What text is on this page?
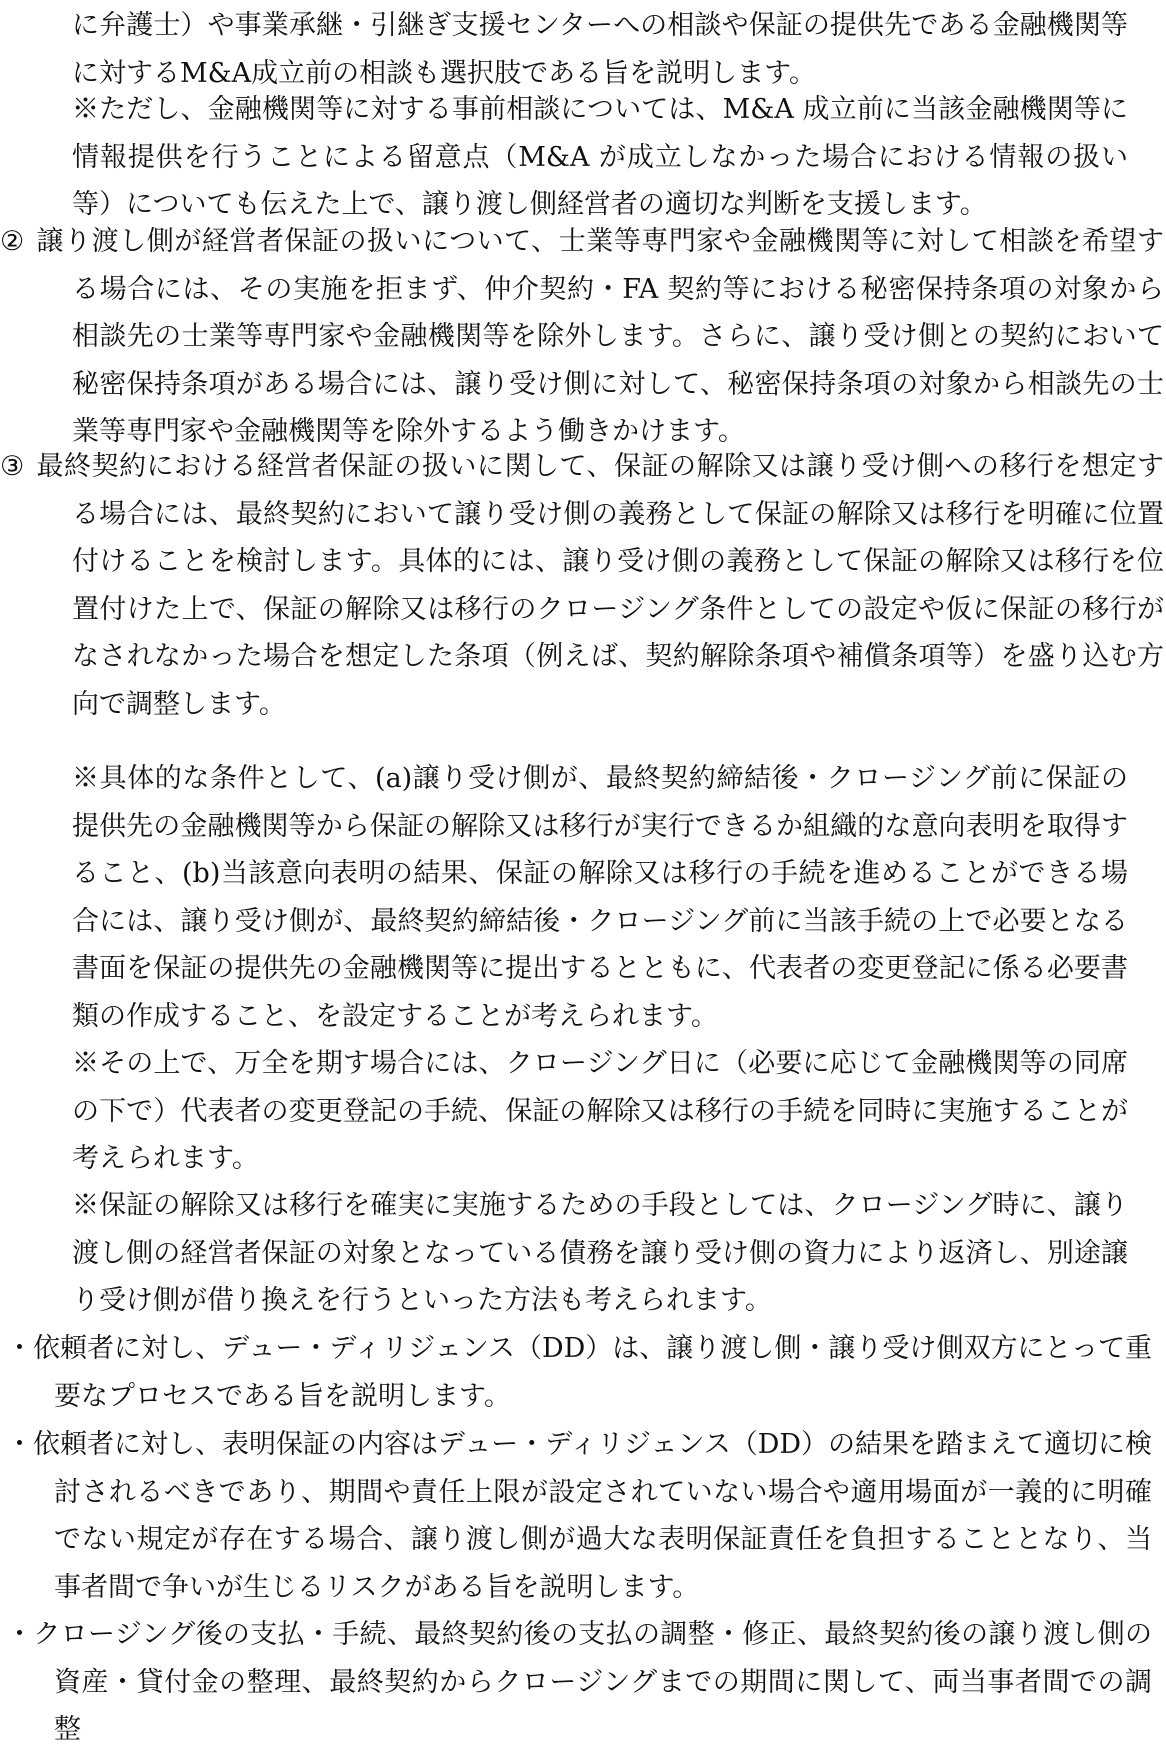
に弁護士）や事業承継・引継ぎ支援センターへの相談や保証の提供先である金融機関等に対するM&A成立前の相談も選択肢である旨を説明します。

※ただし、金融機関等に対する事前相談については、M&A 成立前に当該金融機関等に情報提供を行うことによる留意点（M&A が成立しなかった場合における情報の扱い等）についても伝えた上で、譲り渡し側経営者の適切な判断を支援します。

② 譲り渡し側が経営者保証の扱いについて、士業等専門家や金融機関等に対して相談を希望する場合には、その実施を拒まず、仲介契約・FA 契約等における秘密保持条項の対象から相談先の士業等専門家や金融機関等を除外します。さらに、譲り受け側との契約において秘密保持条項がある場合には、譲り受け側に対して、秘密保持条項の対象から相談先の士業等専門家や金融機関等を除外するよう働きかけます。

③ 最終契約における経営者保証の扱いに関して、保証の解除又は譲り受け側への移行を想定する場合には、最終契約において譲り受け側の義務として保証の解除又は移行を明確に位置付けることを検討します。具体的には、譲り受け側の義務として保証の解除又は移行を位置付けた上で、保証の解除又は移行のクロージング条件としての設定や仮に保証の移行がなされなかった場合を想定した条項（例えば、契約解除条項や補償条項等）を盛り込む方向で調整します。

※具体的な条件として、(a)譲り受け側が、最終契約締結後・クロージング前に保証の提供先の金融機関等から保証の解除又は移行が実行できるか組織的な意向表明を取得すること、(b)当該意向表明の結果、保証の解除又は移行の手続を進めることができる場合には、譲り受け側が、最終契約締結後・クロージング前に当該手続の上で必要となる書面を保証の提供先の金融機関等に提出するとともに、代表者の変更登記に係る必要書類の作成すること、を設定することが考えられます。

※その上で、万全を期す場合には、クロージング日に（必要に応じて金融機関等の同席の下で）代表者の変更登記の手続、保証の解除又は移行の手続を同時に実施することが考えられます。

※保証の解除又は移行を確実に実施するための手段としては、クロージング時に、譲り渡し側の経営者保証の対象となっている債務を譲り受け側の資力により返済し、別途譲り受け側が借り換えを行うといった方法も考えられます。

・依頼者に対し、デュー・ディリジェンス（DD）は、譲り渡し側・譲り受け側双方にとって重要なプロセスである旨を説明します。

・依頼者に対し、表明保証の内容はデュー・ディリジェンス（DD）の結果を踏まえて適切に検討されるべきであり、期間や責任上限が設定されていない場合や適用場面が一義的に明確でない規定が存在する場合、譲り渡し側が過大な表明保証責任を負担することとなり、当事者間で争いが生じるリスクがある旨を説明します。

・クロージング後の支払・手続、最終契約後の支払の調整・修正、最終契約後の譲り渡し側の資産・貸付金の整理、最終契約からクロージングまでの期間に関して、両当事者間での調整
